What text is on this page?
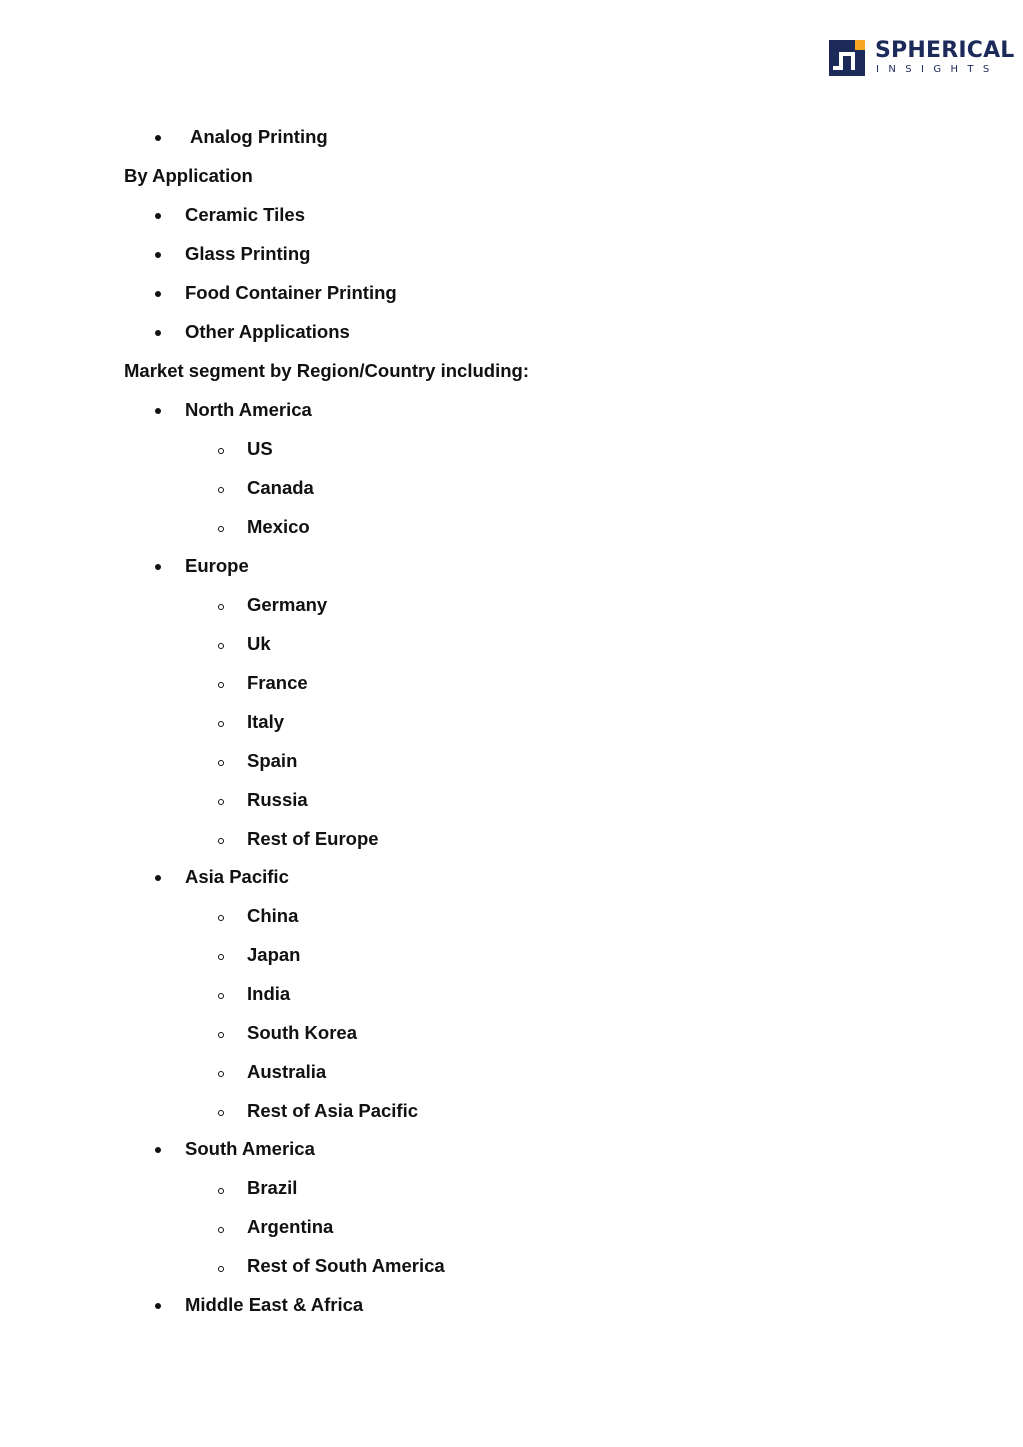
SPHERICAL
INSIGHTS
Analog Printing
By Application
Ceramic Tiles
Glass Printing
Food Container Printing
Other Applications
Market segment by Region/Country including:
North America
US
Canada
Mexico
Europe
Germany
Uk
France
Italy
Spain
Russia
Rest of Europe
Asia Pacific
China
Japan
India
South Korea
Australia
Rest of Asia Pacific
South America
Brazil
Argentina
Rest of South America
Middle East & Africa
